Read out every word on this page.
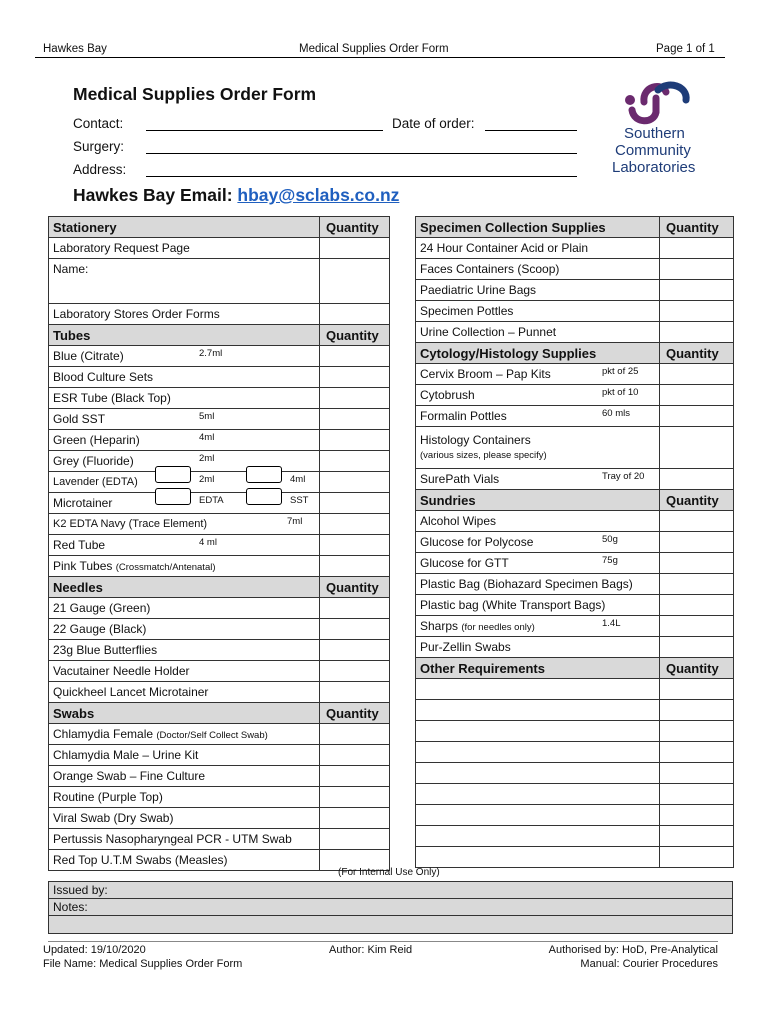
Hawkes Bay	Medical Supplies Order Form	Page 1 of 1
Medical Supplies Order Form
Contact:	Date of order:
Surgery:
Address:
Hawkes Bay Email: hbay@sclabs.co.nz
Southern
Community
Laboratories
Stationery	Quantity
Laboratory Request Page	
Name:	
Laboratory Stores Order Forms	
Tubes	Quantity
Blue (Citrate) 2.7ml	

Blood Culture Sets	
ESR Tube (Black Top)	
Gold SST 5ml	

Green (Heparin) 4ml	

Grey (Fluoride) 2ml	

Lavender (EDTA) 2ml 4ml	

Microtainer EDTA SST	

K2 EDTA Navy (Trace Element) 7ml	

Red Tube 4 ml	

Pink Tubes (Crossmatch/Antenatal)	
Needles	Quantity
21 Gauge (Green)	
22 Gauge (Black)	
23g Blue Butterflies	
Vacutainer Needle Holder	
Quickheel Lancet Microtainer	
Swabs	Quantity
Chlamydia Female (Doctor/Self Collect Swab)	
Chlamydia Male – Urine Kit	
Orange Swab – Fine Culture	
Routine (Purple Top)	
Viral Swab (Dry Swab)	
Pertussis Nasopharyngeal PCR - UTM Swab	
Red Top U.T.M Swabs (Measles)	
Specimen Collection Supplies	Quantity
24 Hour Container Acid or Plain	
Faces Containers (Scoop)	
Paediatric Urine Bags	
Specimen Pottles	
Urine Collection – Punnet	
Cytology/Histology Supplies	Quantity
Cervix Broom – Pap Kits pkt of 25	

Cytobrush pkt of 10	

Formalin Pottles 60 mls	

Histology Containers
(various sizes, please specify)	

SurePath Vials Tray of 20	

Sundries	Quantity
Alcohol Wipes	
Glucose for Polycose 50g	

Glucose for GTT 75g	

Plastic Bag (Biohazard Specimen Bags)	
Plastic bag (White Transport Bags)	
Sharps (for needles only) 1.4L	

Pur-Zellin Swabs	
Other Requirements	Quantity

(For Internal Use Only)
Issued by:
Notes:
Updated: 19/10/2020
File Name: Medical Supplies Order Form
Author: Kim Reid	Authorised by: HoD, Pre-Analytical
Manual: Courier Procedures
